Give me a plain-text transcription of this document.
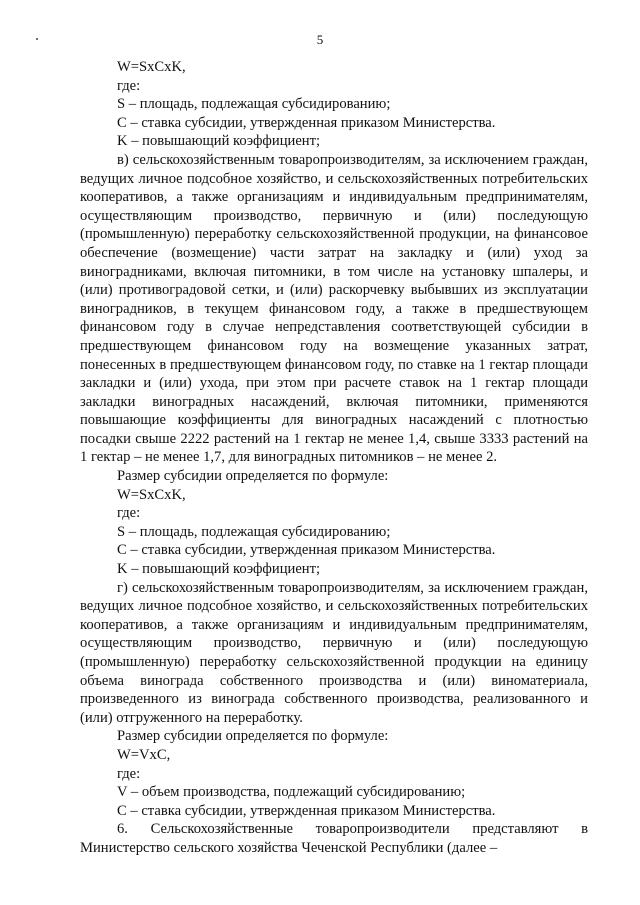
5

W=SxCxK,

где:

S – площадь, подлежащая субсидированию;

C – ставка субсидии, утвержденная приказом Министерства.

K – повышающий коэффициент;

в) сельскохозяйственным товаропроизводителям, за исключением граждан, ведущих личное подсобное хозяйство, и сельскохозяйственных потребительских кооперативов, а также организациям и индивидуальным предпринимателям, осуществляющим производство, первичную и (или) последующую (промышленную) переработку сельскохозяйственной продукции, на финансовое обеспечение (возмещение) части затрат на закладку и (или) уход за виноградниками, включая питомники, в том числе на установку шпалеры, и (или) противоградовой сетки, и (или) раскорчевку выбывших из эксплуатации виноградников, в текущем финансовом году, а также в предшествующем финансовом году в случае непредставления соответствующей субсидии в предшествующем финансовом году на возмещение указанных затрат, понесенных в предшествующем финансовом году, по ставке на 1 гектар площади закладки и (или) ухода, при этом при расчете ставок на 1 гектар площади закладки виноградных насаждений, включая питомники, применяются повышающие коэффициенты для виноградных насаждений с плотностью посадки свыше 2222 растений на 1 гектар не менее 1,4, свыше 3333 растений на 1 гектар – не менее 1,7, для виноградных питомников – не менее 2.

Размер субсидии определяется по формуле:

W=SxCxK,

где:

S – площадь, подлежащая субсидированию;

C – ставка субсидии, утвержденная приказом Министерства.

K – повышающий коэффициент;

г) сельскохозяйственным товаропроизводителям, за исключением граждан, ведущих личное подсобное хозяйство, и сельскохозяйственных потребительских кооперативов, а также организациям и индивидуальным предпринимателям, осуществляющим производство, первичную и (или) последующую (промышленную) переработку сельскохозяйственной продукции на единицу объема винограда собственного производства и (или) виноматериала, произведенного из винограда собственного производства, реализованного и (или) отгруженного на переработку.

Размер субсидии определяется по формуле:

W=VxC,

где:

V – объем производства, подлежащий субсидированию;

C – ставка субсидии, утвержденная приказом Министерства.

6. Сельскохозяйственные товаропроизводители представляют в Министерство сельского хозяйства Чеченской Республики (далее –
